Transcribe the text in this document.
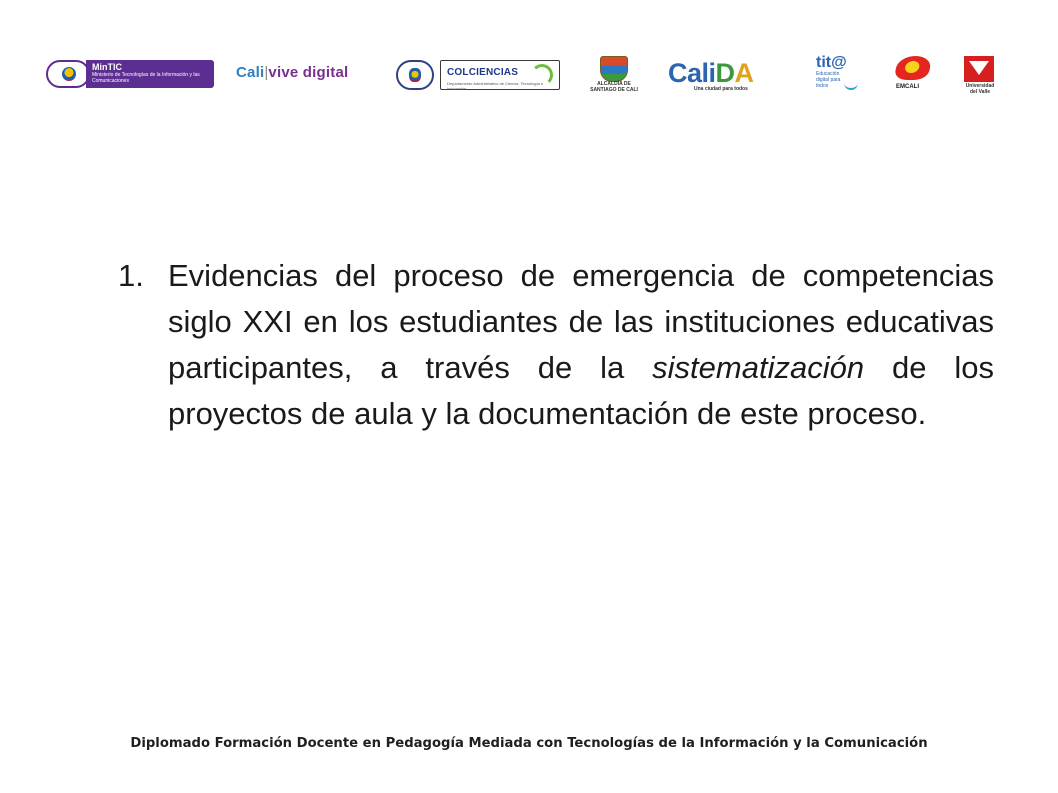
MinTIC
Ministerio de Tecnologías de la Información y las Comunicaciones	Cali|vive digital	COLCIENCIAS
Departamento Administrativo de Ciencia, Tecnología e Innovación
ALCALDÍA DE
SANTIAGO DE CALI
CaliDA
Una ciudad para todos
tit@
Educación digital para todos	EMCALI	Universidad
del Valle
1. Evidencias del proceso de emergencia de competencias siglo XXI en los estudiantes de las instituciones educativas participantes, a través de la sistematización de los proyectos de aula y la documentación de este proceso.
Diplomado Formación Docente en Pedagogía Mediada con Tecnologías de la Información y la Comunicación
